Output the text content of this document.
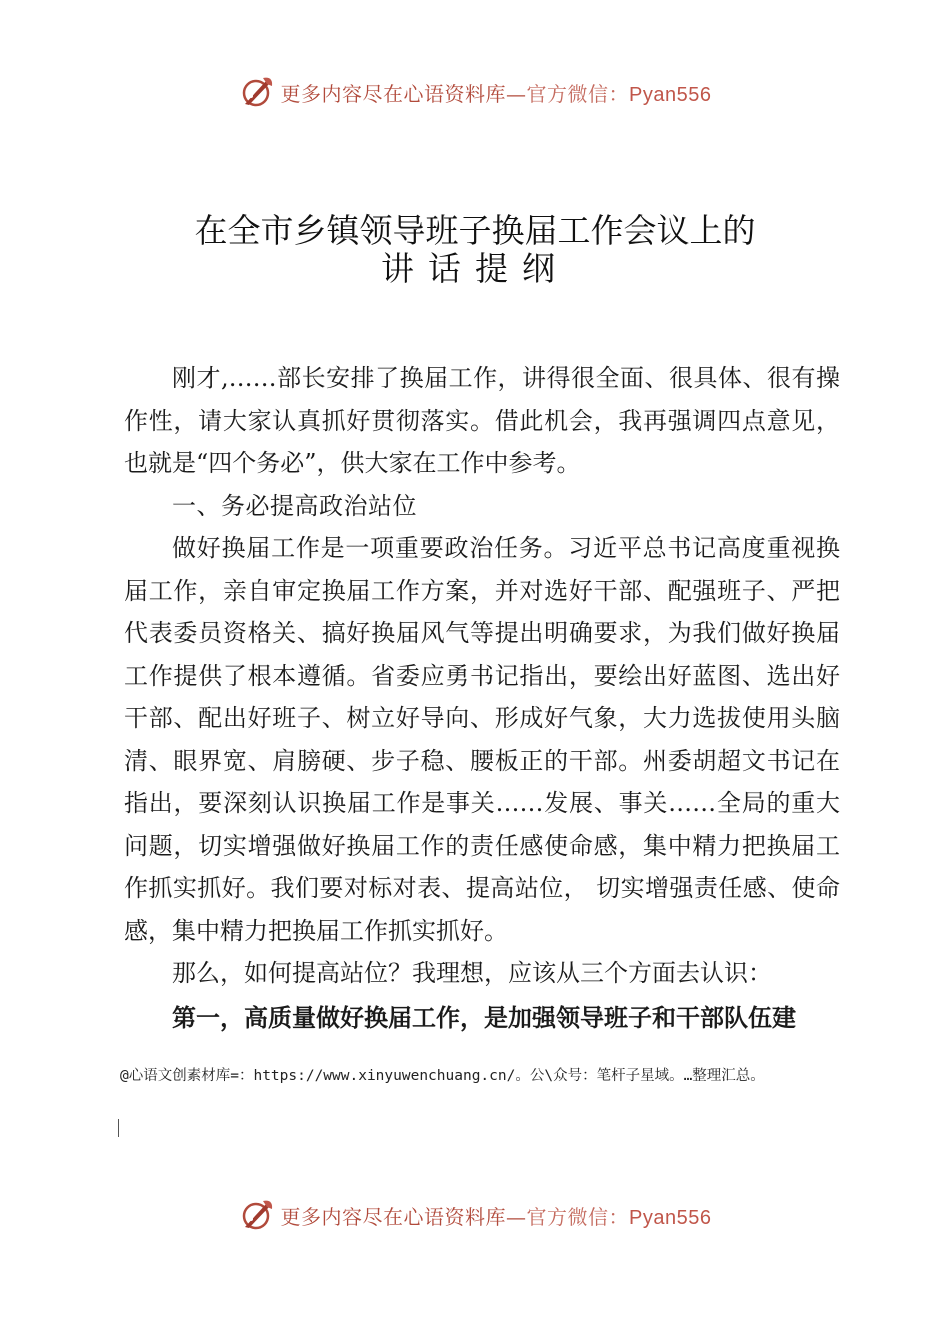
更多内容尽在心语资料库—官方微信：Pyan556
在全市乡镇领导班子换届工作会议上的
讲话提纲

刚才,……部长安排了换届工作，讲得很全面、很具体、很有操作性，请大家认真抓好贯彻落实。借此机会，我再强调四点意见，也就是“四个务必”，供大家在工作中参考。

一、务必提高政治站位

做好换届工作是一项重要政治任务。习近平总书记高度重视换届工作，亲自审定换届工作方案，并对选好干部、配强班子、严把代表委员资格关、搞好换届风气等提出明确要求，为我们做好换届工作提供了根本遵循。省委应勇书记指出，要绘出好蓝图、选出好干部、配出好班子、树立好导向、形成好气象，大力选拔使用头脑清、眼界宽、肩膀硬、步子稳、腰板正的干部。州委胡超文书记在指出，要深刻认识换届工作是事关……发展、事关……全局的重大问题，切实增强做好换届工作的责任感使命感，集中精力把换届工作抓实抓好。我们要对标对表、提高站位， 切实增强责任感、使命感，集中精力把换届工作抓实抓好。

那么，如何提高站位？我理想，应该从三个方面去认识：

第一，高质量做好换届工作，是加强领导班子和干部队伍建
@心语文创素材库=：https://www.xinyuwenchuang.cn/。公\众号：笔杆子星域。…整理汇总。
更多内容尽在心语资料库—官方微信：Pyan556
